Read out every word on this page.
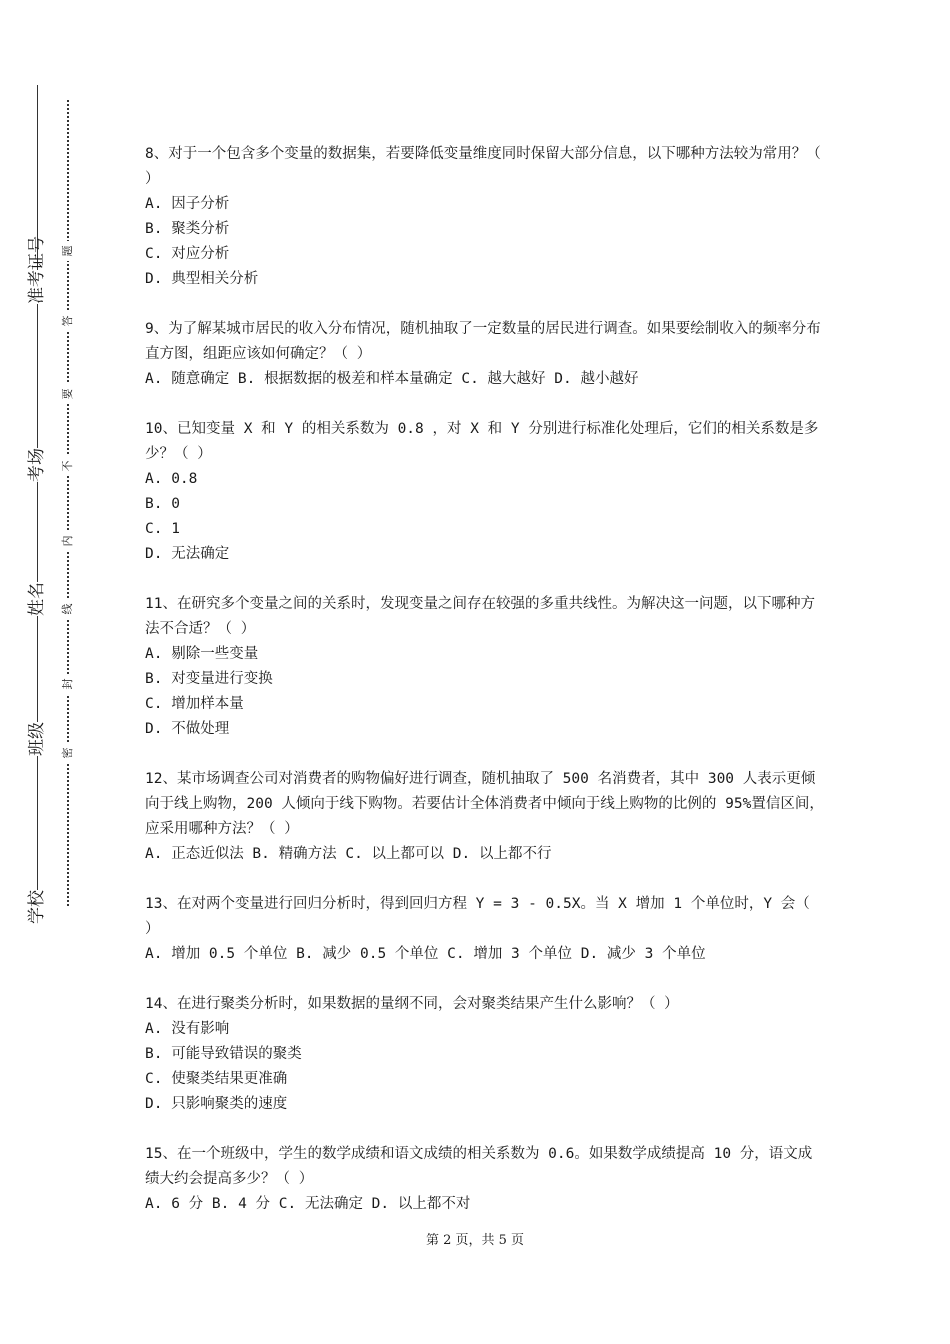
准考证号
考场
姓名
班级
学校
题
答
要
不
内
线
封
密
8、对于一个包含多个变量的数据集，若要降低变量维度同时保留大部分信息，以下哪种方法较为常用？（ ）
A. 因子分析
B. 聚类分析
C. 对应分析
D. 典型相关分析
9、为了解某城市居民的收入分布情况，随机抽取了一定数量的居民进行调查。如果要绘制收入的频率分布直方图，组距应该如何确定？（ ）
A. 随意确定 B. 根据数据的极差和样本量确定 C. 越大越好 D. 越小越好
10、已知变量 X 和 Y 的相关系数为 0.8 ，对 X 和 Y 分别进行标准化处理后，它们的相关系数是多少？（ ）
A. 0.8
B. 0
C. 1
D. 无法确定
11、在研究多个变量之间的关系时，发现变量之间存在较强的多重共线性。为解决这一问题，以下哪种方法不合适？（ ）
A. 剔除一些变量
B. 对变量进行变换
C. 增加样本量
D. 不做处理
12、某市场调查公司对消费者的购物偏好进行调查，随机抽取了 500 名消费者，其中 300 人表示更倾向于线上购物，200 人倾向于线下购物。若要估计全体消费者中倾向于线上购物的比例的 95%置信区间，应采用哪种方法？（ ）
A. 正态近似法 B. 精确方法 C. 以上都可以 D. 以上都不行
13、在对两个变量进行回归分析时，得到回归方程 Y = 3 - 0.5X。当 X 增加 1 个单位时，Y 会（ ）
A. 增加 0.5 个单位 B. 减少 0.5 个单位 C. 增加 3 个单位 D. 减少 3 个单位
14、在进行聚类分析时，如果数据的量纲不同，会对聚类结果产生什么影响？（ ）
A. 没有影响
B. 可能导致错误的聚类
C. 使聚类结果更准确
D. 只影响聚类的速度
15、在一个班级中，学生的数学成绩和语文成绩的相关系数为 0.6。如果数学成绩提高 10 分，语文成绩大约会提高多少？（ ）
A. 6 分 B. 4 分 C. 无法确定 D. 以上都不对
第 2 页，共 5 页
